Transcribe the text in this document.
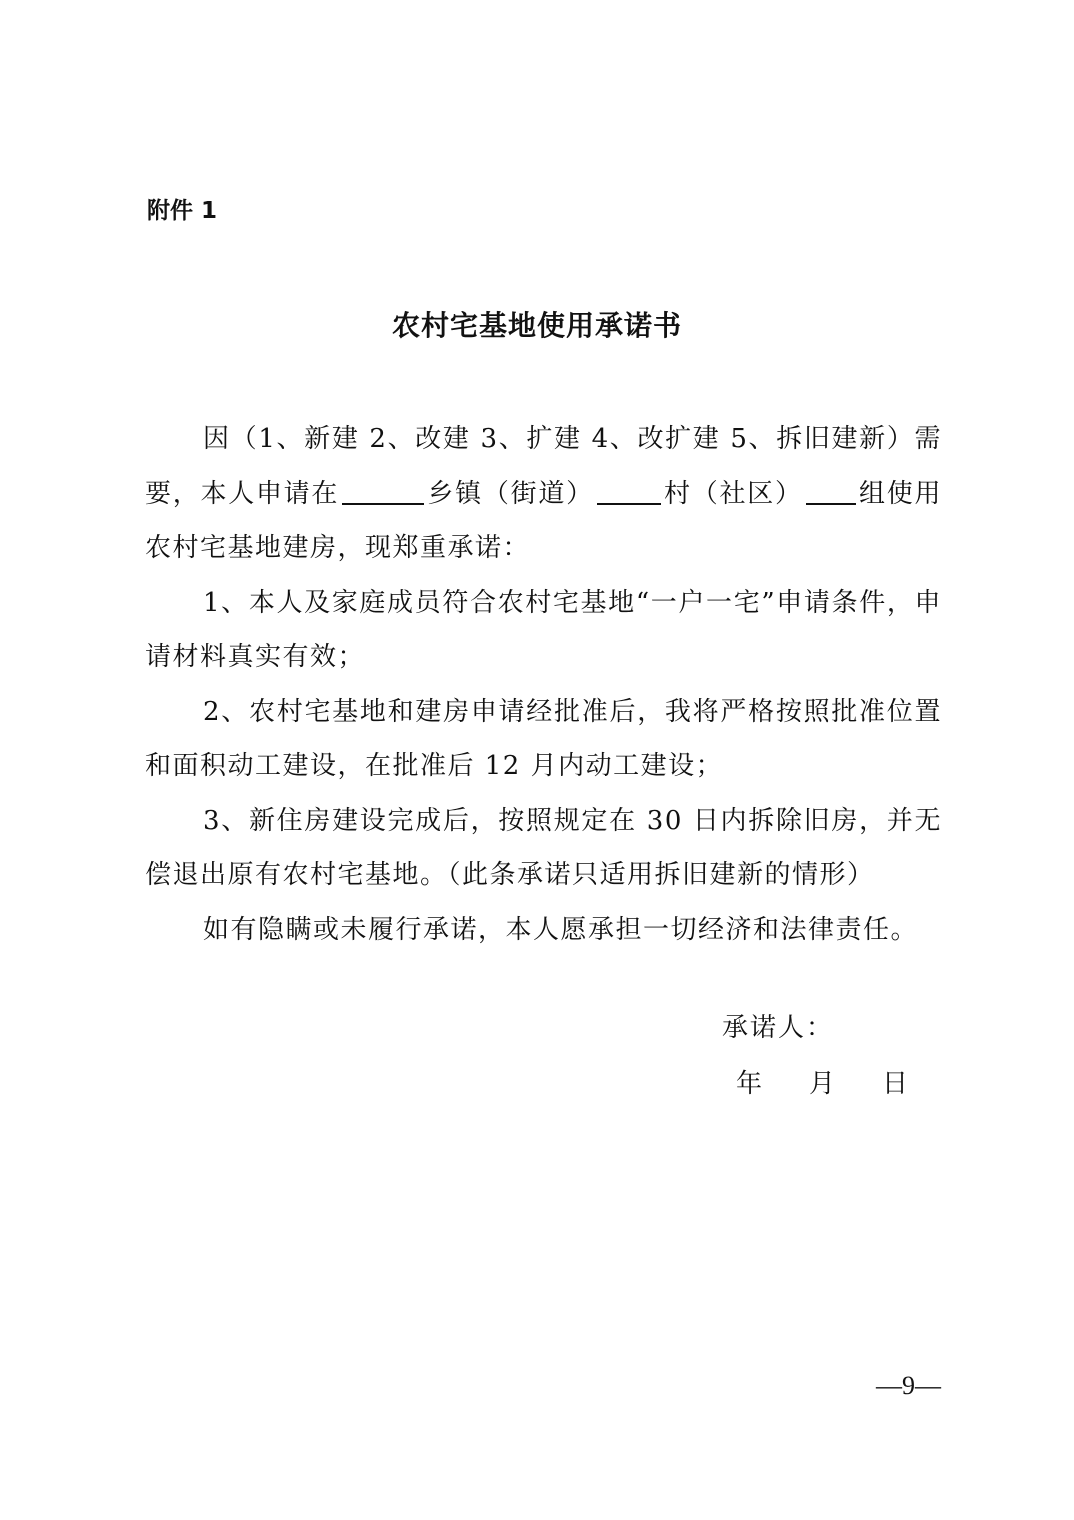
附件 1
农村宅基地使用承诺书

因（1、新建 2、改建 3、扩建 4、改扩建 5、拆旧建新）需要，本人申请在	乡镇（街道）	村（社区） 组使用农村宅基地建房，现郑重承诺：

1、本人及家庭成员符合农村宅基地“一户一宅”申请条件，申请材料真实有效；

2、农村宅基地和建房申请经批准后，我将严格按照批准位置和面积动工建设，在批准后 12 月内动工建设；

3、新住房建设完成后，按照规定在 30 日内拆除旧房，并无偿退出原有农村宅基地。（此条承诺只适用拆旧建新的情形）

如有隐瞒或未履行承诺，本人愿承担一切经济和法律责任。

承诺人：
年 月 日
—9—
